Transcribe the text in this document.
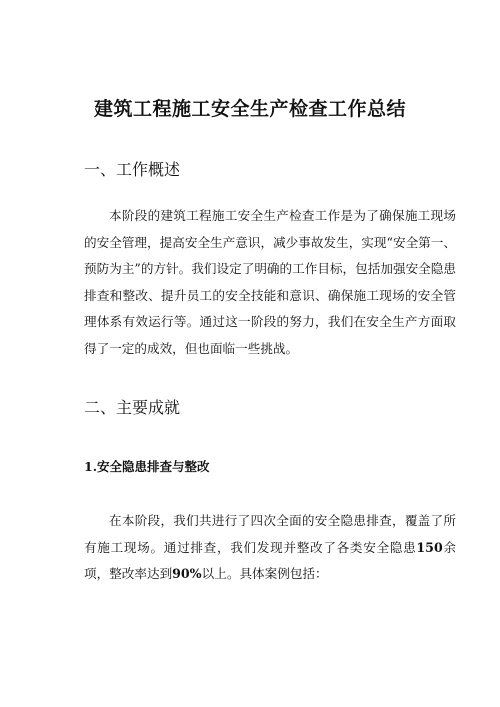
建筑工程施工安全生产检查工作总结
一、工作概述
本阶段的建筑工程施工安全生产检查工作是为了确保施工现场的安全管理，提高安全生产意识，减少事故发生，实现“安全第一、预防为主”的方针。我们设定了明确的工作目标，包括加强安全隐患排查和整改、提升员工的安全技能和意识、确保施工现场的安全管理体系有效运行等。通过这一阶段的努力，我们在安全生产方面取得了一定的成效，但也面临一些挑战。
二、主要成就
1.安全隐患排查与整改
在本阶段，我们共进行了四次全面的安全隐患排查，覆盖了所有施工现场。通过排查，我们发现并整改了各类安全隐患150余项，整改率达到90%以上。具体案例包括：
